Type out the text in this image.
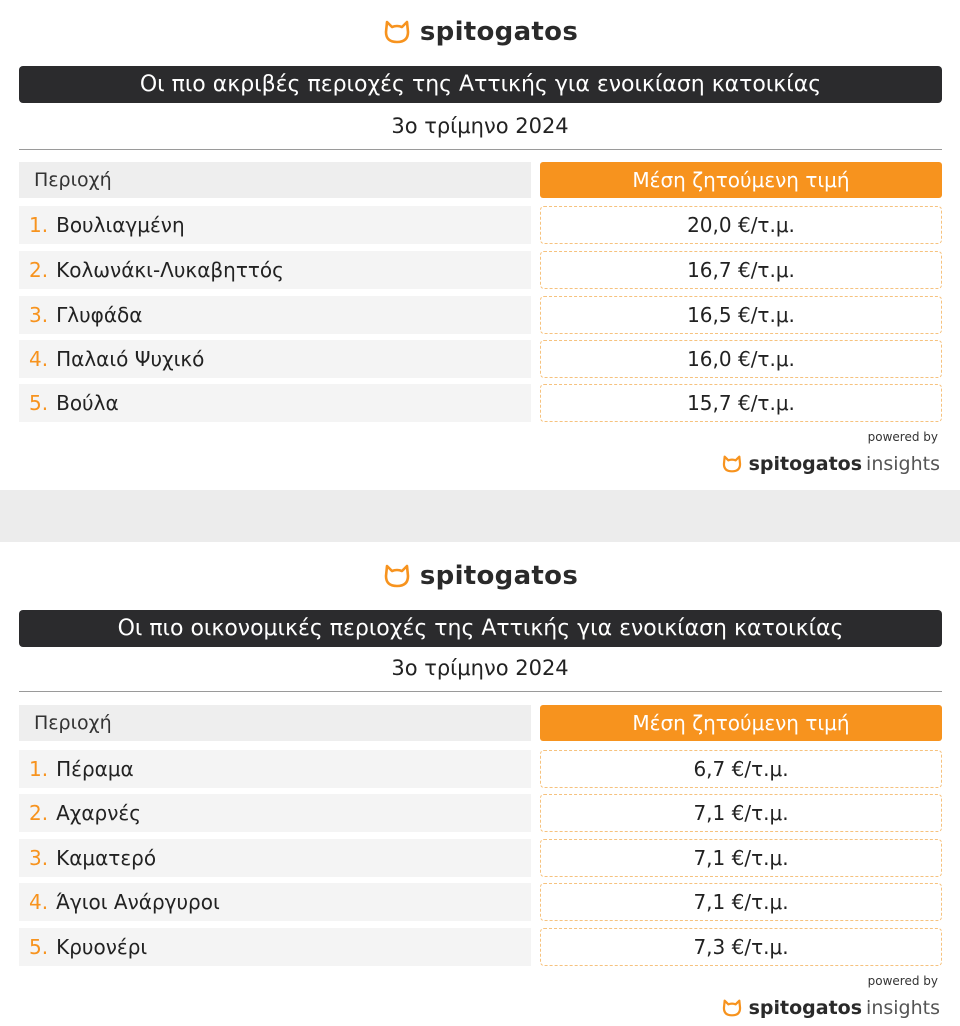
spitogatos
Οι πιο ακριβές περιοχές της Αττικής για ενοικίαση κατοικίας
3ο τρίμηνο 2024
Περιοχή	Μέση ζητούμενη τιμή
1. Βουλιαγμένη	20,0 €/τ.μ.
2. Κολωνάκι-Λυκαβηττός	16,7 €/τ.μ.
3. Γλυφάδα	16,5 €/τ.μ.
4. Παλαιό Ψυχικό	16,0 €/τ.μ.
5. Βούλα	15,7 €/τ.μ.
powered by
spitogatos insights
spitogatos
Οι πιο οικονομικές περιοχές της Αττικής για ενοικίαση κατοικίας
3ο τρίμηνο 2024
Περιοχή	Μέση ζητούμενη τιμή
1. Πέραμα	6,7 €/τ.μ.
2. Αχαρνές	7,1 €/τ.μ.
3. Καματερό	7,1 €/τ.μ.
4. Άγιοι Ανάργυροι	7,1 €/τ.μ.
5. Κρυονέρι	7,3 €/τ.μ.
powered by
spitogatos insights
